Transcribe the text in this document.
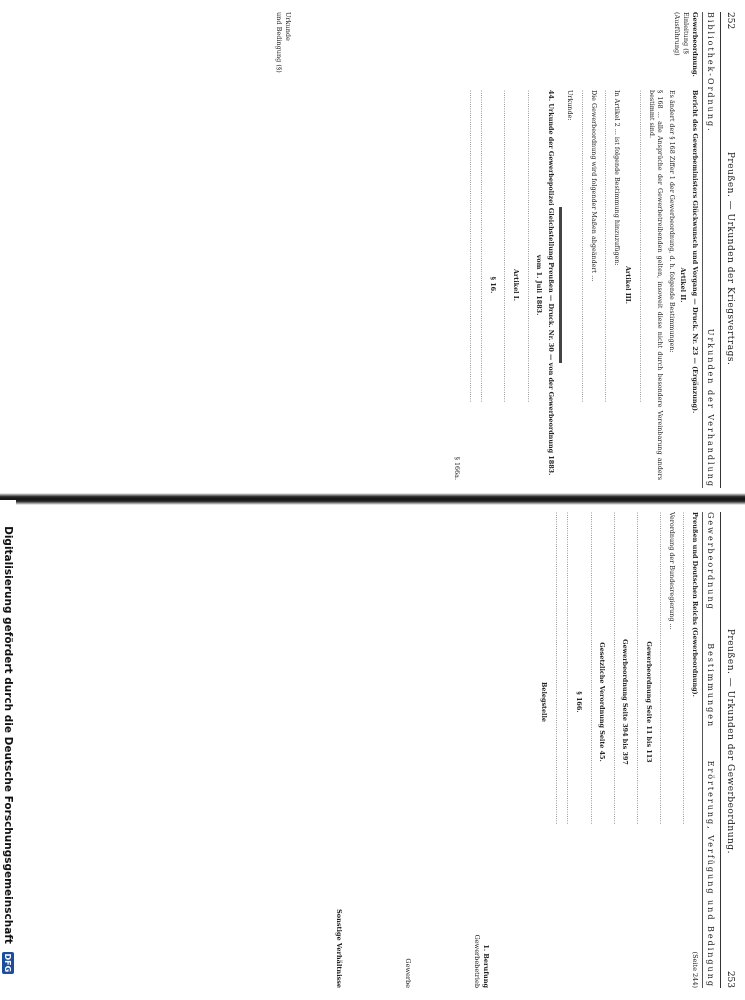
252
Preußen. — Urkunden der Kriegsvertrags.
Bibliothek-Ordnung.
Urkunden der Verhandlung
Gewerbeordnung.
Einleitung (§
(Ausführung)
Urkunde
und Bedingung (§)

Bericht des Gewerbeministers Glückwunsch und Vorgang — Druck. Nr. 23 — (Ergänzung).

Artikel II.

Es ändert der § 168 Ziffer 1 der Gewerbeordnung, d. h. folgende Bestimmungen:

§ 168 ... alle Ansprüche der Gewerbetreibenden gelten, insoweit diese nicht durch besondere Vereinbarung anders bestimmt sind.

············································································································································

Artikel III.

In Artikel 2 ... ist folgende Bestimmung hinzuzufügen:

············································································································································

Die Gewerbeordnung wird folgender Maßen abgeändert ...

············································································································································

Urkunde:

44. Urkunde der Gewerbepolizei Gleichstellung Preußen — Druck. Nr. 30 — von der Gewerbeordnung 1883.

vom 1. Juli 1883.

············································································································································

Artikel I.

············································································································································

§ 16.

············································································································································

············································································································································

§ 166a.

Preußen. — Urkunden der Gewerbeordnung.
253
Gewerbeordnung
Bestimmungen
Erörterung, Verfügung und Bedingung

Preußen und Deutschen Reichs (Gewerbeordnung).

············································································································································

Verordnung der Bundesregierung ...

············································································································································

Gewerbeordnung Seite 11 bis 113

············································································································································

Gewerbeordnung Seite 394 bis 397

············································································································································

Gesetzliche Verordnung Seite 45.

············································································································································

§ 166.

············································································································································

············································································································································

Belegstelle

(Seite 244)
1. Berufung
Gewerbebetrieb
Gewerbe
Sonstige Verhältnisse
Digitalisierung gefördert durch die Deutsche Forschungsgemeinschaft
DFG
